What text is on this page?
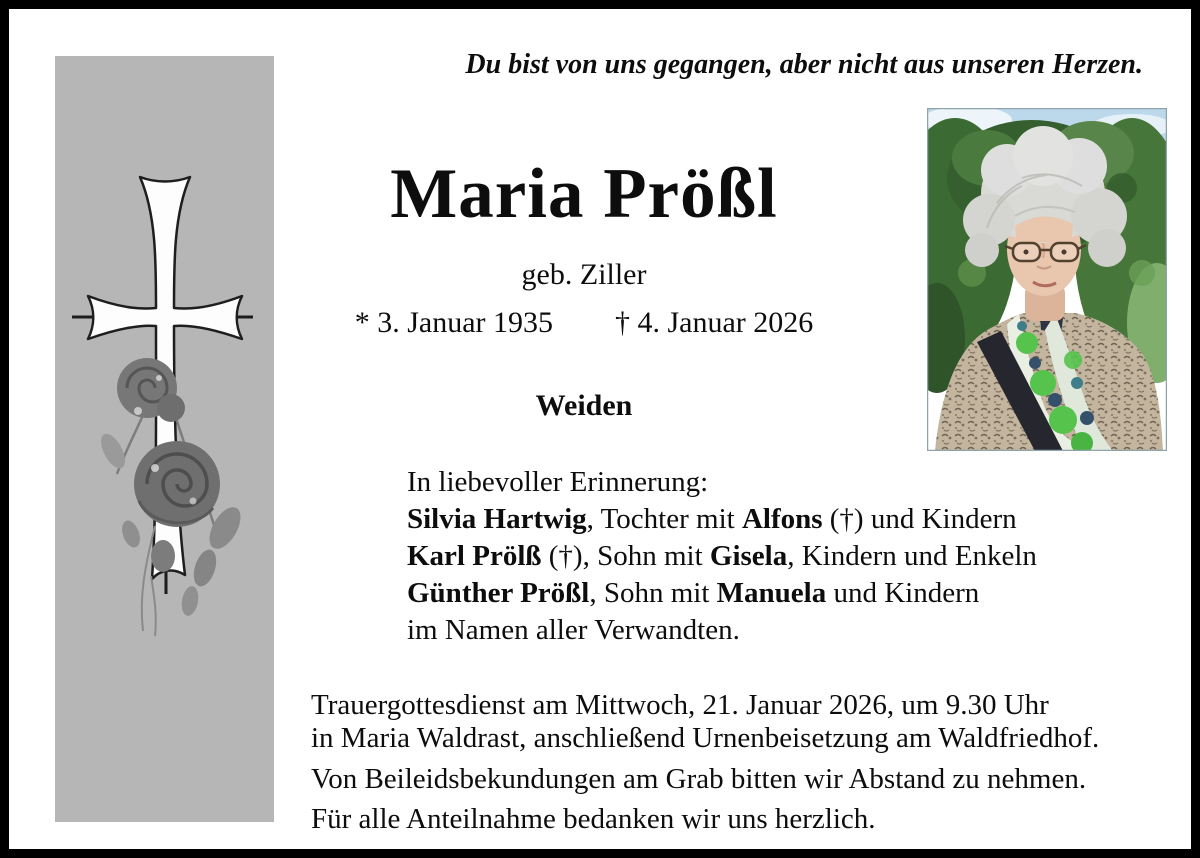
Du bist von uns gegangen, aber nicht aus unseren Herzen.
Maria Prößl
geb. Ziller
* 3. Januar 1935 † 4. Januar 2026
Weiden
In liebevoller Erinnerung:
Silvia Hartwig, Tochter mit Alfons (†) und Kindern
Karl Prölß (†), Sohn mit Gisela, Kindern und Enkeln
Günther Prößl, Sohn mit Manuela und Kindern
im Namen aller Verwandten.
Trauergottesdienst am Mittwoch, 21. Januar 2026, um 9.30 Uhr
in Maria Waldrast, anschließend Urnenbeisetzung am Waldfriedhof.
Von Beileidsbekundungen am Grab bitten wir Abstand zu nehmen.
Für alle Anteilnahme bedanken wir uns herzlich.
